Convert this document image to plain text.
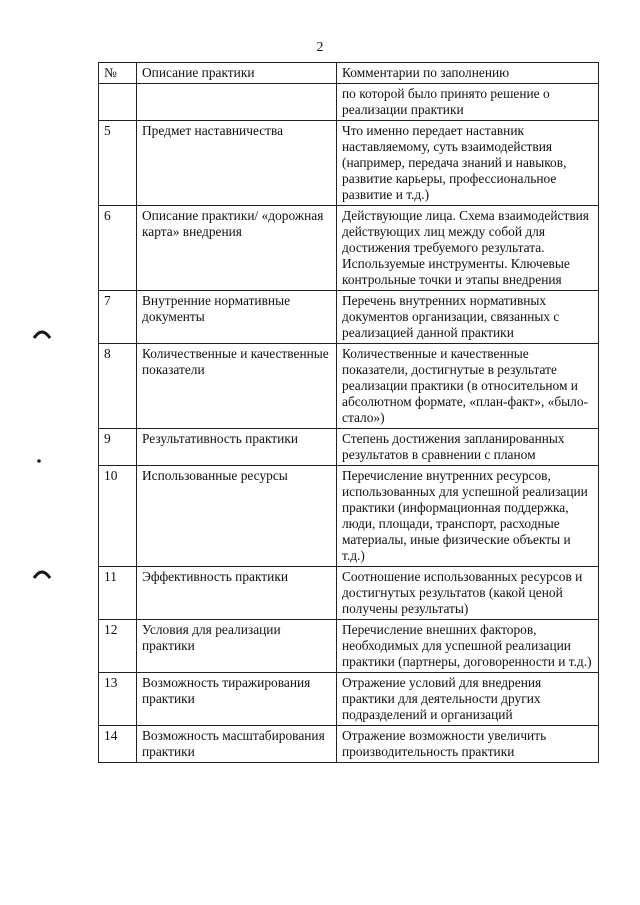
2
№	Описание практики	Комментарии по заполнению
		по которой было принято решение о реализации практики
5	Предмет наставничества	Что именно передает наставник наставляемому, суть взаимодействия (например, передача знаний и навыков, развитие карьеры, профессиональное развитие и т.д.)
6	Описание практики/ «дорожная карта» внедрения	Действующие лица. Схема взаимодействия действующих лиц между собой для достижения требуемого результата. Используемые инструменты. Ключевые контрольные точки и этапы внедрения
7	Внутренние нормативные документы	Перечень внутренних нормативных документов организации, связанных с реализацией данной практики
8	Количественные и качественные показатели	Количественные и качественные показатели, достигнутые в результате реализации практики (в относительном и абсолютном формате, «план-факт», «было-стало»)
9	Результативность практики	Степень достижения запланированных результатов в сравнении с планом
10	Использованные ресурсы	Перечисление внутренних ресурсов, использованных для успешной реализации практики (информационная поддержка, люди, площади, транспорт, расходные материалы, иные физические объекты и т.д.)
11	Эффективность практики	Соотношение использованных ресурсов и достигнутых результатов (какой ценой получены результаты)
12	Условия для реализации практики	Перечисление внешних факторов, необходимых для успешной реализации практики (партнеры, договоренности и т.д.)
13	Возможность тиражирования практики	Отражение условий для внедрения практики для деятельности других подразделений и организаций
14	Возможность масштабирования практики	Отражение возможности увеличить производительность практики
